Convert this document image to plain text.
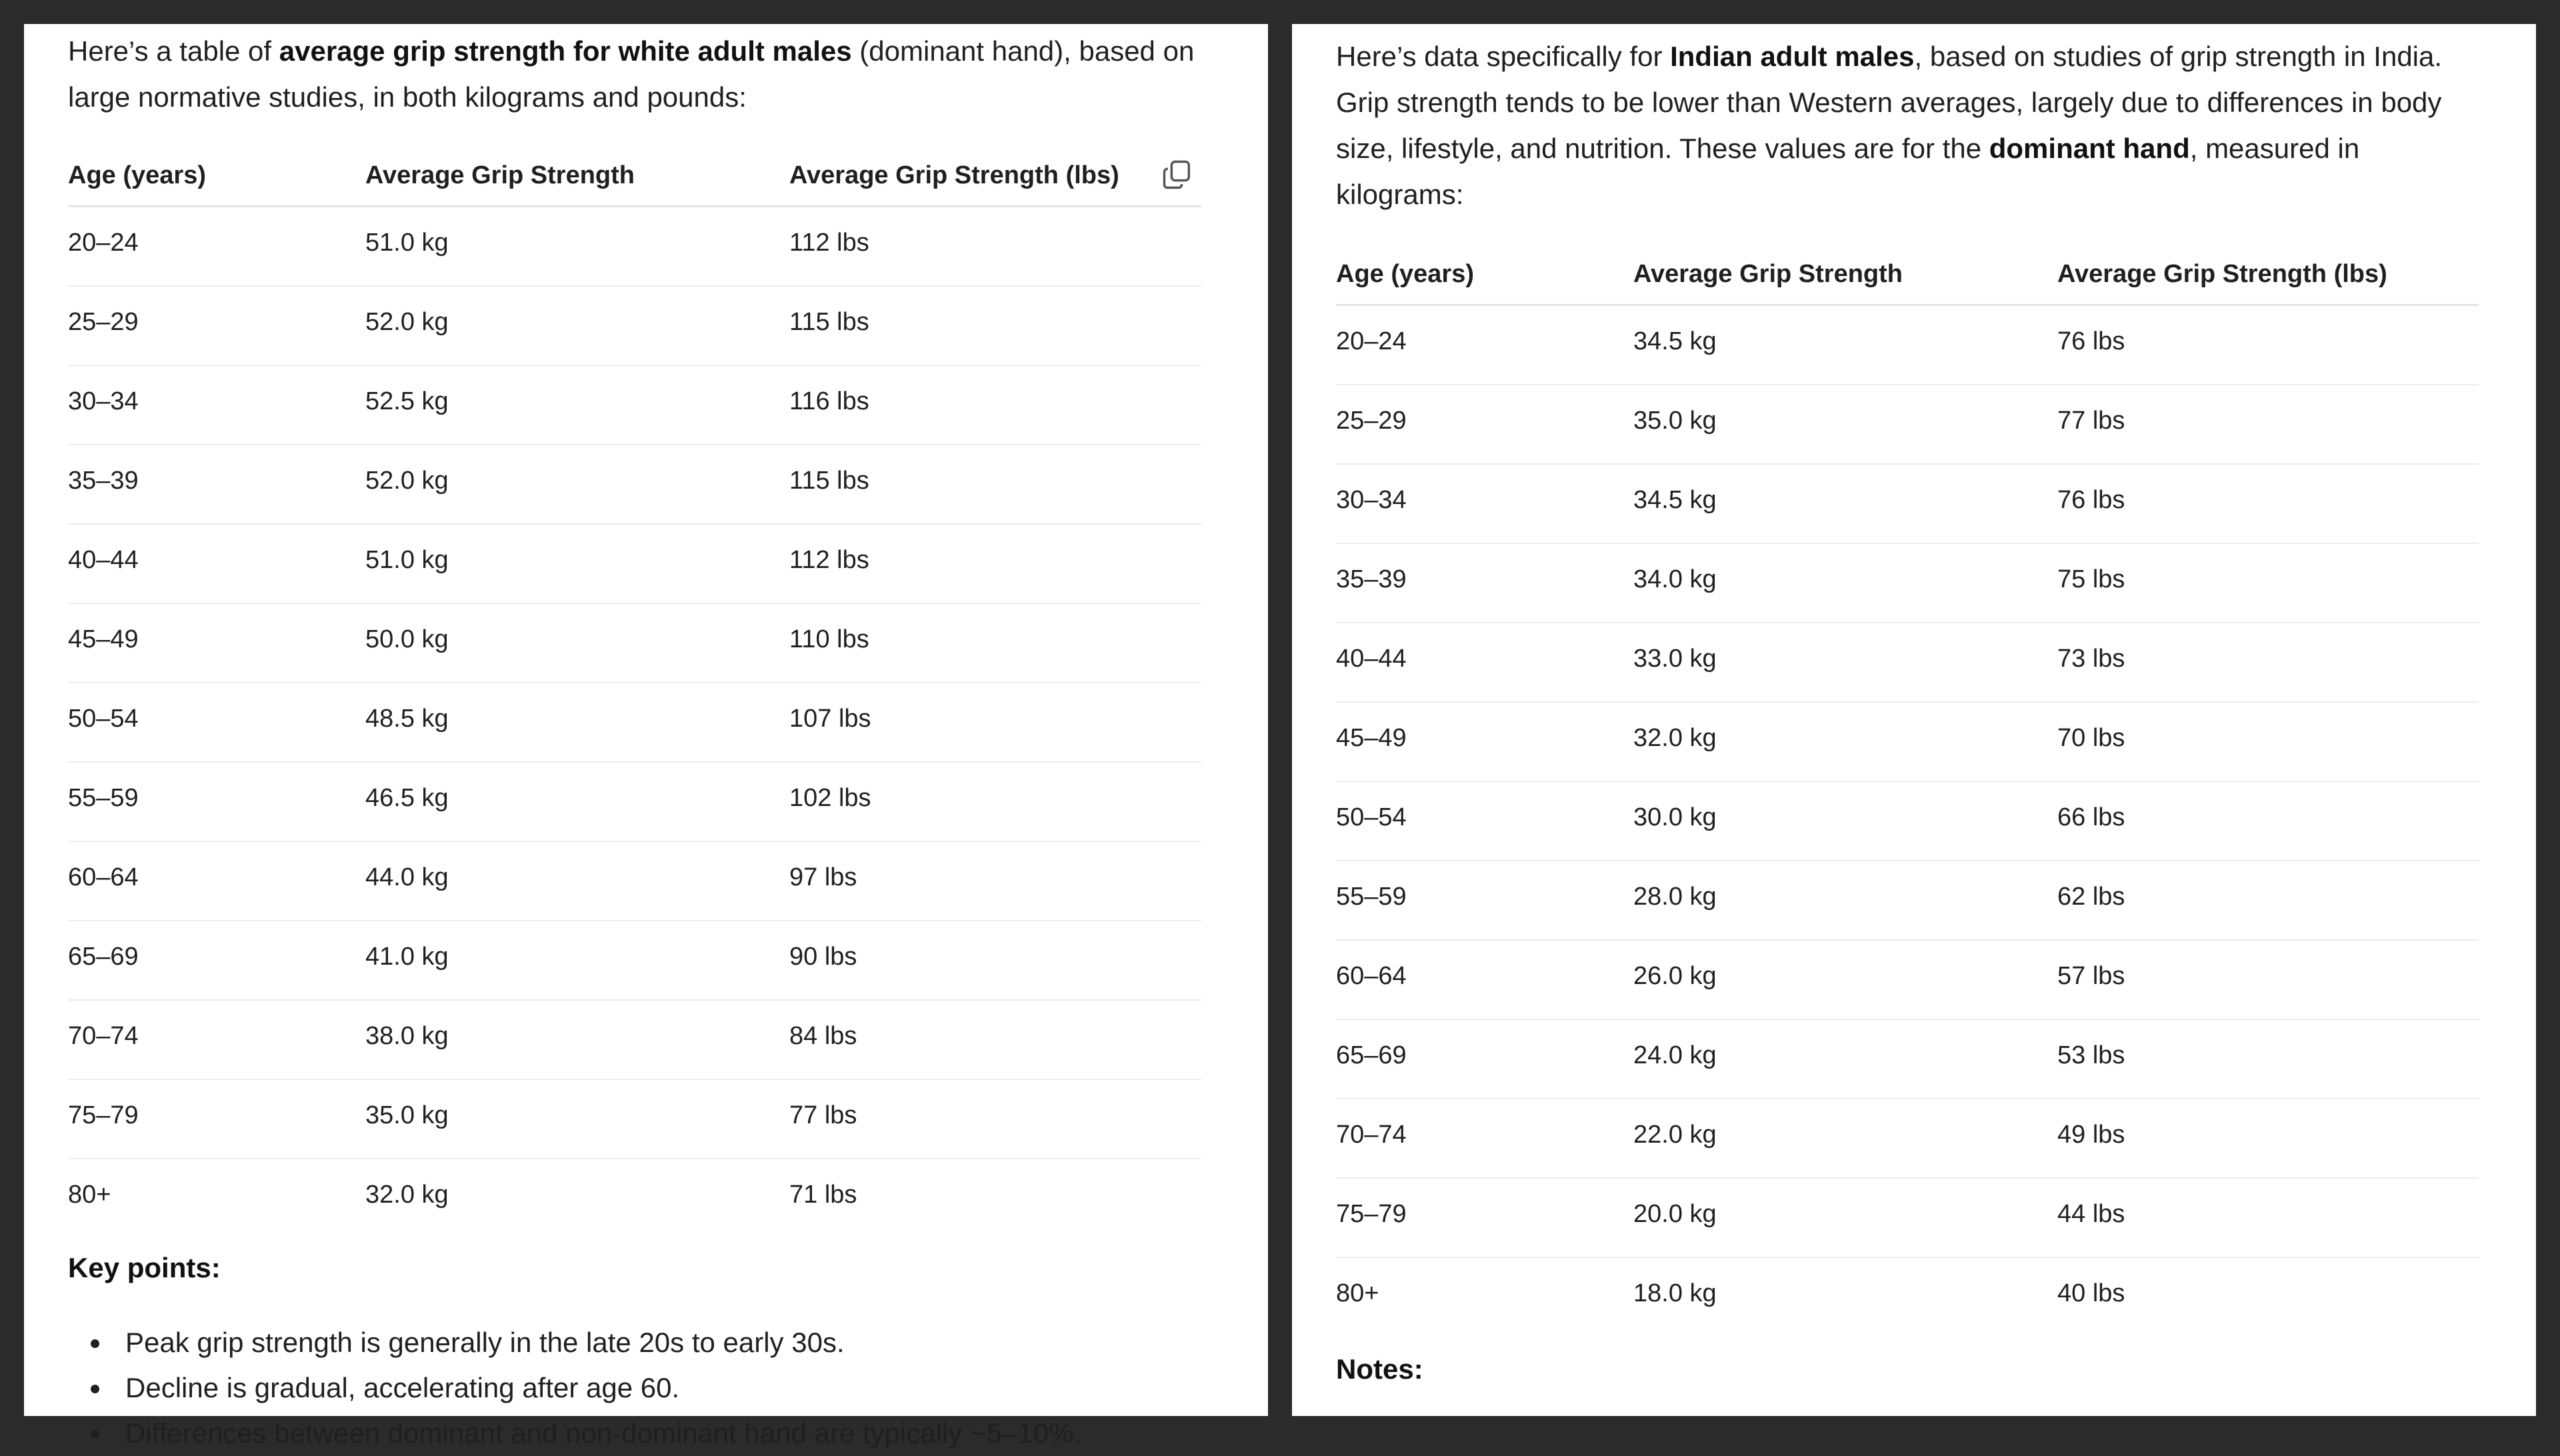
Here’s a table of average grip strength for white adult males (dominant hand), based on large normative studies, in both kilograms and pounds:

Age (years)	Average Grip Strength	Average Grip Strength (lbs)
20–24	51.0 kg	112 lbs
25–29	52.0 kg	115 lbs
30–34	52.5 kg	116 lbs
35–39	52.0 kg	115 lbs
40–44	51.0 kg	112 lbs
45–49	50.0 kg	110 lbs
50–54	48.5 kg	107 lbs
55–59	46.5 kg	102 lbs
60–64	44.0 kg	97 lbs
65–69	41.0 kg	90 lbs
70–74	38.0 kg	84 lbs
75–79	35.0 kg	77 lbs
80+	32.0 kg	71 lbs
Key points:
Peak grip strength is generally in the late 20s to early 30s.
Decline is gradual, accelerating after age 60.
Differences between dominant and non-dominant hand are typically ~5–10%.

Here’s data specifically for Indian adult males, based on studies of grip strength in India. Grip strength tends to be lower than Western averages, largely due to differences in body size, lifestyle, and nutrition. These values are for the dominant hand, measured in kilograms:

Age (years)	Average Grip Strength	Average Grip Strength (lbs)
20–24	34.5 kg	76 lbs
25–29	35.0 kg	77 lbs
30–34	34.5 kg	76 lbs
35–39	34.0 kg	75 lbs
40–44	33.0 kg	73 lbs
45–49	32.0 kg	70 lbs
50–54	30.0 kg	66 lbs
55–59	28.0 kg	62 lbs
60–64	26.0 kg	57 lbs
65–69	24.0 kg	53 lbs
70–74	22.0 kg	49 lbs
75–79	20.0 kg	44 lbs
80+	18.0 kg	40 lbs
Notes:
